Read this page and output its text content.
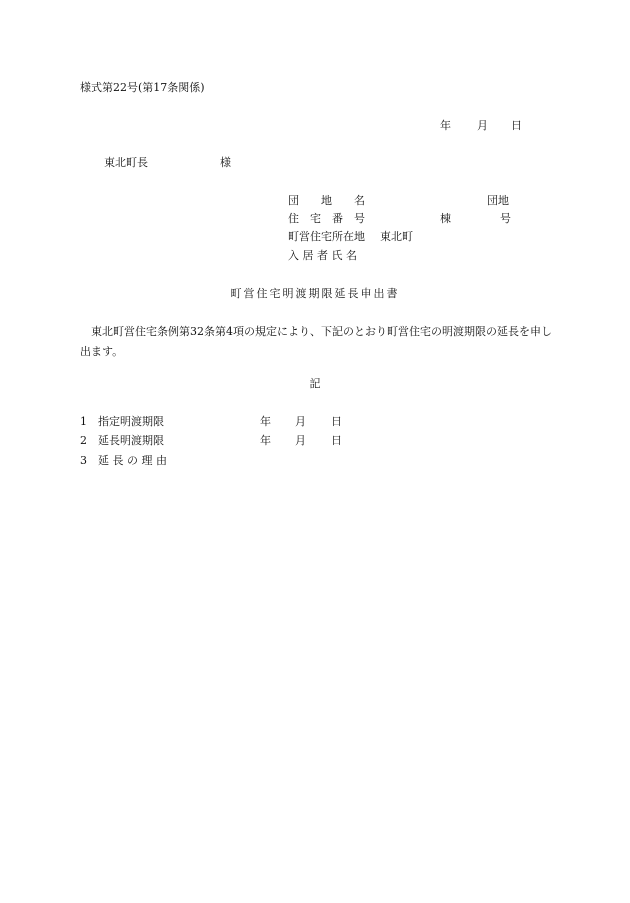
様式第22号(第17条関係)
年 月 日
東北町長	様
団　　地　　名	団地
住　宅　番　号	棟	号
町営住宅所在地 東北町
入 居 者 氏 名
町営住宅明渡期限延長申出書
東北町営住宅条例第32条第4項の規定により、下記のとおり町営住宅の明渡期限の延長を申し出ます。
記
1　指定明渡期限	年 月 日
2　延長明渡期限	年 月 日
3　延 長 の 理 由
